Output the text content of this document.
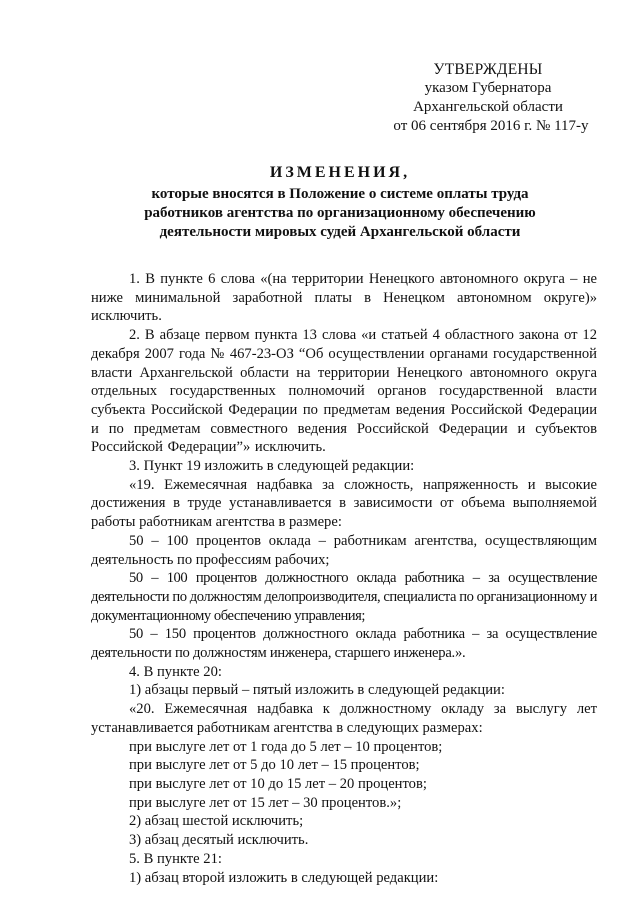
УТВЕРЖДЕНЫ
указом Губернатора
Архангельской области
от 06 сентября 2016 г. № 117-у
ИЗМЕНЕНИЯ,
которые вносятся в Положение о системе оплаты труда
работников агентства по организационному обеспечению
деятельности мировых судей Архангельской области

1. В пункте 6 слова «(на территории Ненецкого автономного округа – не ниже минимальной заработной платы в Ненецком автономном округе)» исключить.

2. В абзаце первом пункта 13 слова «и статьей 4 областного закона от 12 декабря 2007 года № 467-23-ОЗ “Об осуществлении органами государственной власти Архангельской области на территории Ненецкого автономного округа отдельных государственных полномочий органов государственной власти субъекта Российской Федерации по предметам ведения Российской Федерации и по предметам совместного ведения Российской Федерации и субъектов Российской Федерации”» исключить.

3. Пункт 19 изложить в следующей редакции:

«19. Ежемесячная надбавка за сложность, напряженность и высокие достижения в труде устанавливается в зависимости от объема выполняемой работы работникам агентства в размере:

50 – 100 процентов оклада – работникам агентства, осуществляющим деятельность по профессиям рабочих;

50 – 100 процентов должностного оклада работника – за осуществление деятельности по должностям делопроизводителя, специалиста по организационному и документационному обеспечению управления;

50 – 150 процентов должностного оклада работника – за осуществление деятельности по должностям инженера, старшего инженера.».

4. В пункте 20:

1) абзацы первый – пятый изложить в следующей редакции:

«20. Ежемесячная надбавка к должностному окладу за выслугу лет устанавливается работникам агентства в следующих размерах:

при выслуге лет от 1 года до 5 лет – 10 процентов;

при выслуге лет от 5 до 10 лет – 15 процентов;

при выслуге лет от 10 до 15 лет – 20 процентов;

при выслуге лет от 15 лет – 30 процентов.»;

2) абзац шестой исключить;

3) абзац десятый исключить.

5. В пункте 21:

1) абзац второй изложить в следующей редакции:
